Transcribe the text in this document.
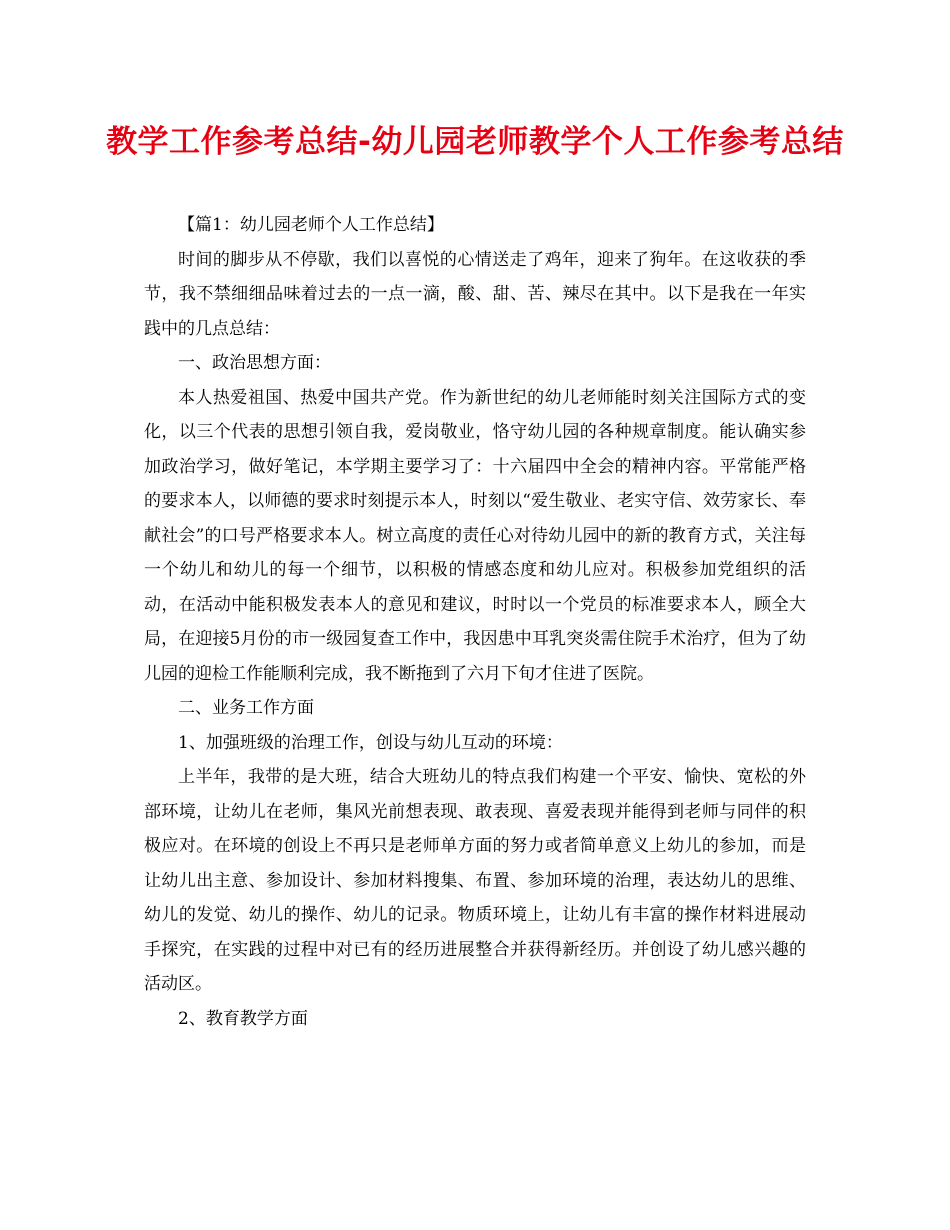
教学工作参考总结-幼儿园老师教学个人工作参考总结

【篇1：幼儿园老师个人工作总结】

时间的脚步从不停歇，我们以喜悦的心情送走了鸡年，迎来了狗年。在这收获的季节，我不禁细细品味着过去的一点一滴，酸、甜、苦、辣尽在其中。以下是我在一年实践中的几点总结：

一、政治思想方面：

本人热爱祖国、热爱中国共产党。作为新世纪的幼儿老师能时刻关注国际方式的变化，以三个代表的思想引领自我，爱岗敬业，恪守幼儿园的各种规章制度。能认确实参加政治学习，做好笔记，本学期主要学习了：十六届四中全会的精神内容。平常能严格的要求本人，以师德的要求时刻提示本人，时刻以“爱生敬业、老实守信、效劳家长、奉献社会”的口号严格要求本人。树立高度的责任心对待幼儿园中的新的教育方式，关注每一个幼儿和幼儿的每一个细节，以积极的情感态度和幼儿应对。积极参加党组织的活动，在活动中能积极发表本人的意见和建议，时时以一个党员的标准要求本人，顾全大局，在迎接5月份的市一级园复查工作中，我因患中耳乳突炎需住院手术治疗，但为了幼儿园的迎检工作能顺利完成，我不断拖到了六月下旬才住进了医院。

二、业务工作方面

1、加强班级的治理工作，创设与幼儿互动的环境：

上半年，我带的是大班，结合大班幼儿的特点我们构建一个平安、愉快、宽松的外部环境，让幼儿在老师，集风光前想表现、敢表现、喜爱表现并能得到老师与同伴的积极应对。在环境的创设上不再只是老师单方面的努力或者简单意义上幼儿的参加，而是让幼儿出主意、参加设计、参加材料搜集、布置、参加环境的治理，表达幼儿的思维、幼儿的发觉、幼儿的操作、幼儿的记录。物质环境上，让幼儿有丰富的操作材料进展动手探究，在实践的过程中对已有的经历进展整合并获得新经历。并创设了幼儿感兴趣的活动区。

2、教育教学方面
